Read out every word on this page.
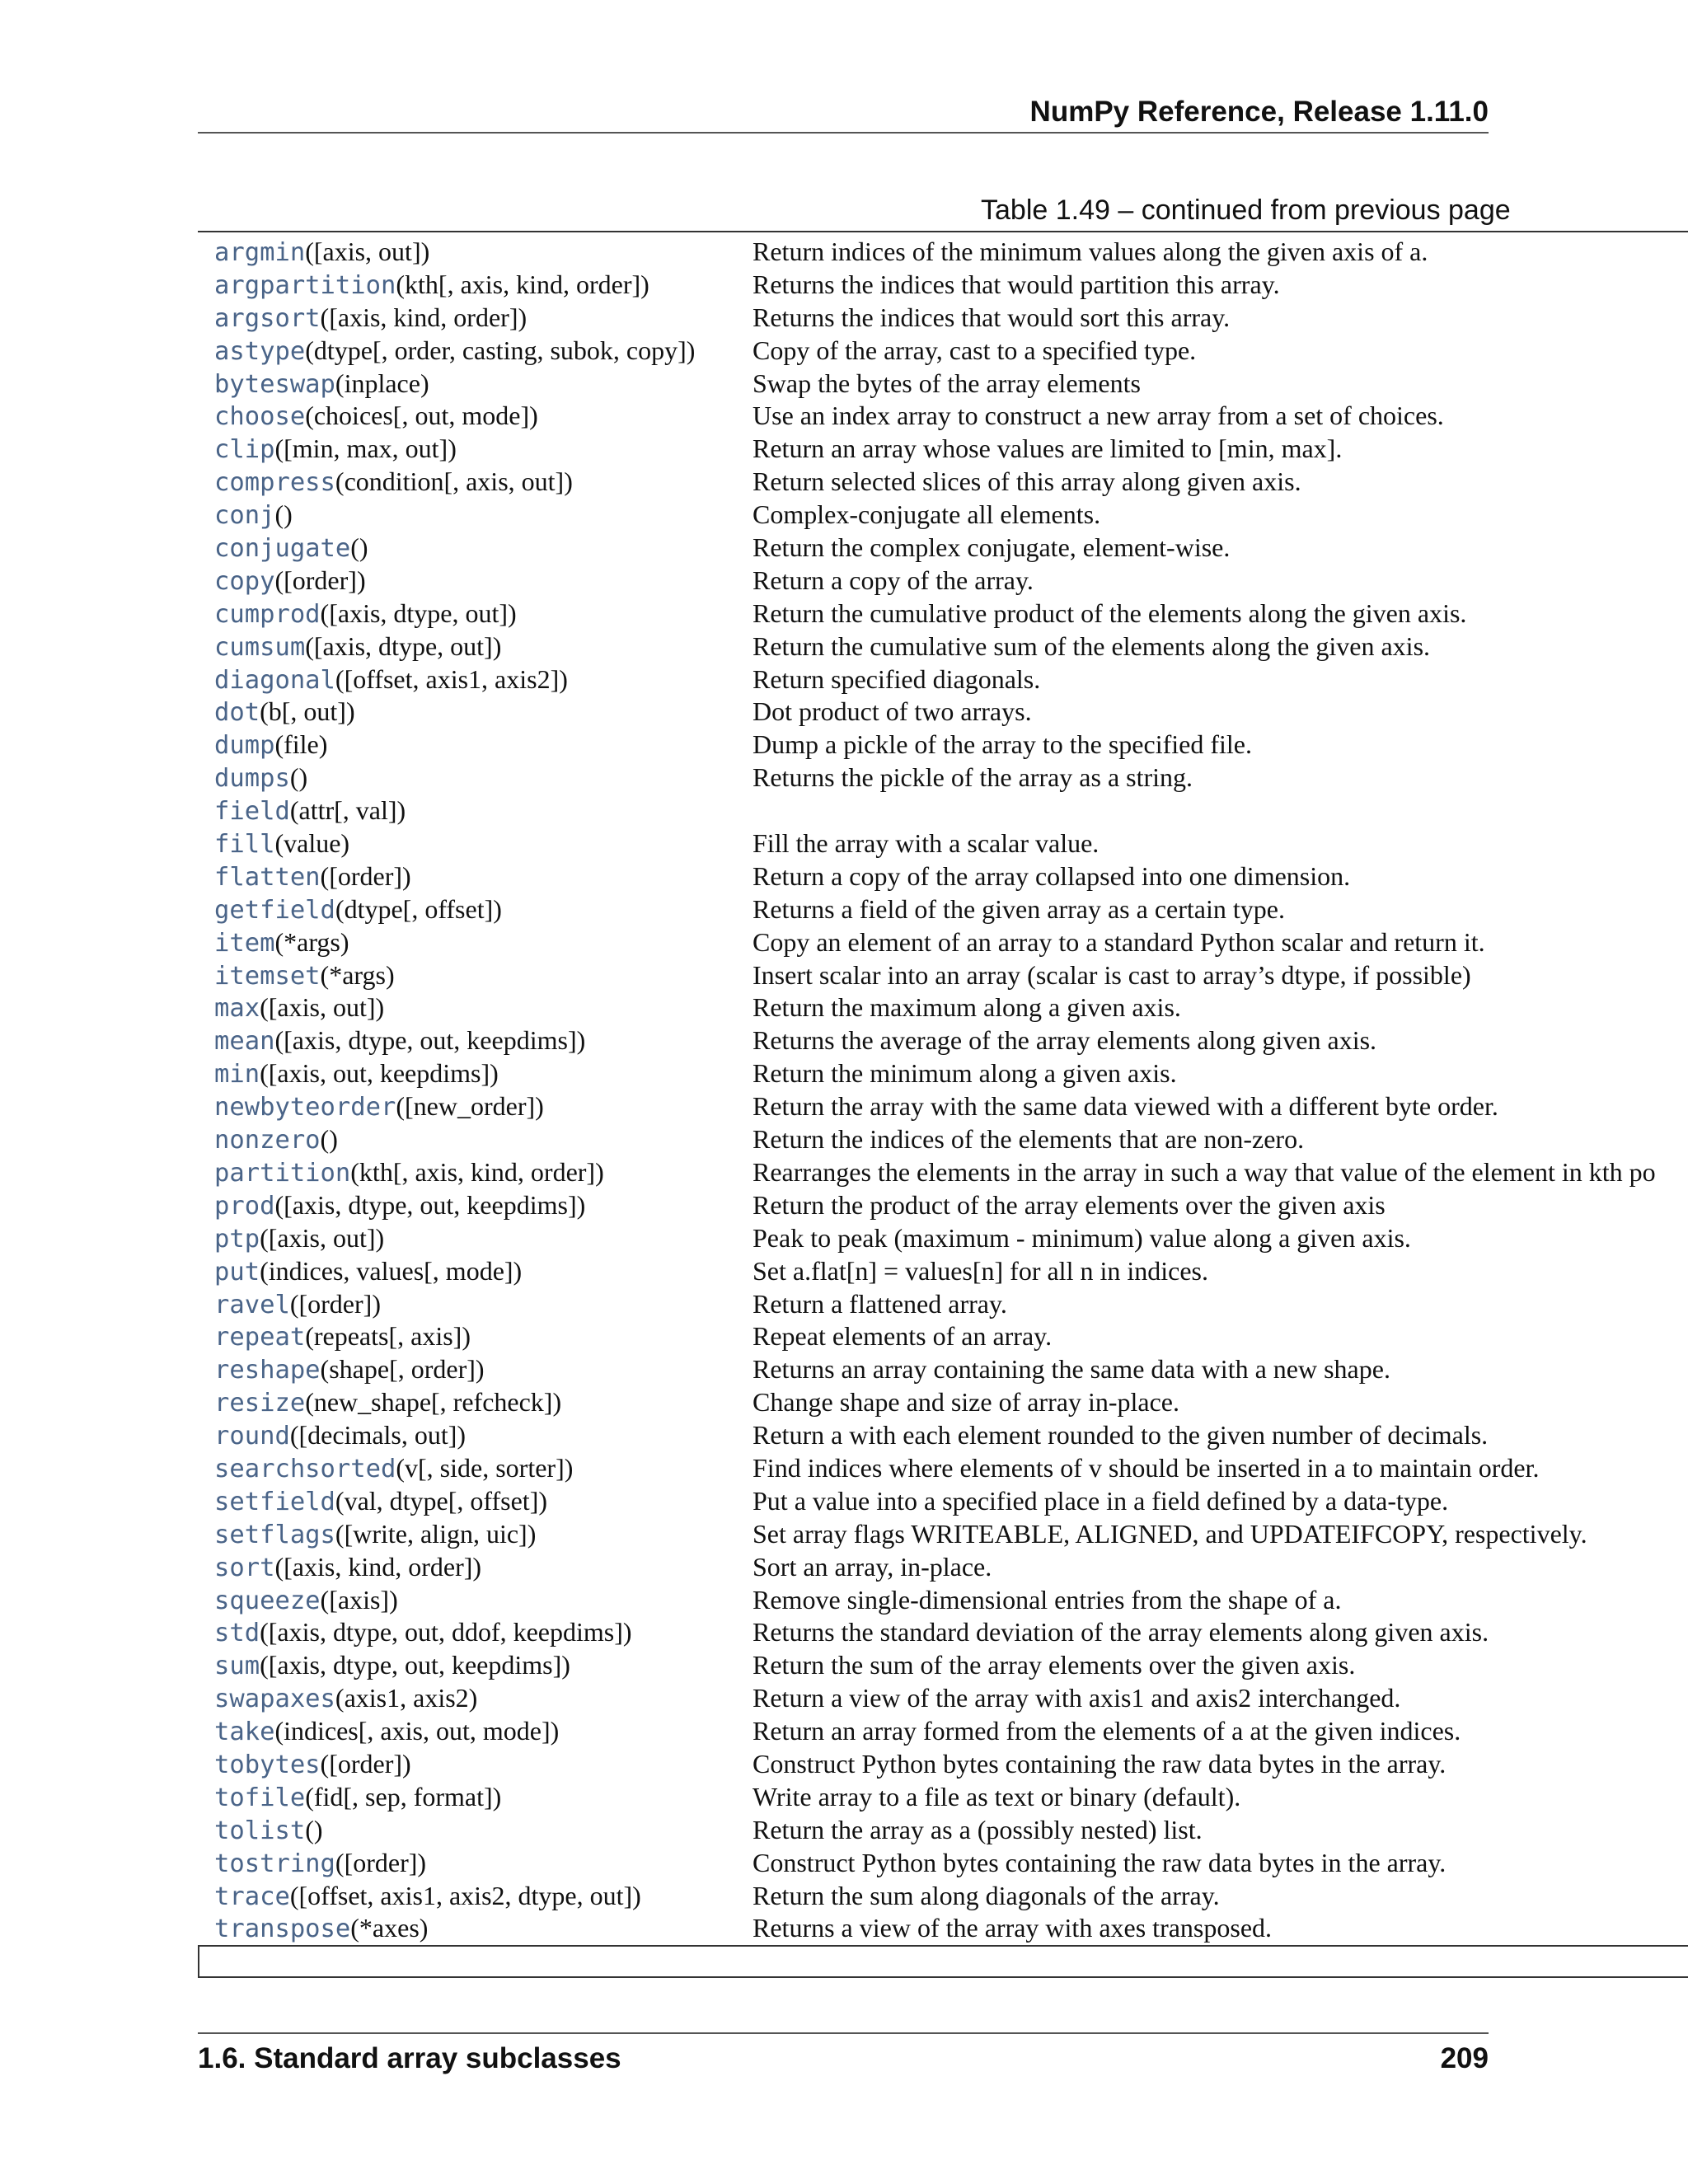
NumPy Reference, Release 1.11.0
Table 1.49 – continued from previous page
argmin([axis, out])	Return indices of the minimum values along the given axis of a.
argpartition(kth[, axis, kind, order])	Returns the indices that would partition this array.
argsort([axis, kind, order])	Returns the indices that would sort this array.
astype(dtype[, order, casting, subok, copy]) Copy of the array, cast to a specified type.
byteswap(inplace)	Swap the bytes of the array elements
choose(choices[, out, mode])	Use an index array to construct a new array from a set of choices.
clip([min, max, out])	Return an array whose values are limited to [min, max].
compress(condition[, axis, out])	Return selected slices of this array along given axis.
conj()	Complex-conjugate all elements.
conjugate()	Return the complex conjugate, element-wise.
copy([order])	Return a copy of the array.
cumprod([axis, dtype, out])	Return the cumulative product of the elements along the given axis.
cumsum([axis, dtype, out])	Return the cumulative sum of the elements along the given axis.
diagonal([offset, axis1, axis2])	Return specified diagonals.
dot(b[, out])	Dot product of two arrays.
dump(file)	Dump a pickle of the array to the specified file.
dumps()	Returns the pickle of the array as a string.
field(attr[, val])
fill(value)	Fill the array with a scalar value.
flatten([order])	Return a copy of the array collapsed into one dimension.
getfield(dtype[, offset])	Returns a field of the given array as a certain type.
item(*args)	Copy an element of an array to a standard Python scalar and return it.
itemset(*args)	Insert scalar into an array (scalar is cast to array’s dtype, if possible)
max([axis, out])	Return the maximum along a given axis.
mean([axis, dtype, out, keepdims])	Returns the average of the array elements along given axis.
min([axis, out, keepdims])	Return the minimum along a given axis.
newbyteorder([new_order])	Return the array with the same data viewed with a different byte order.
nonzero()	Return the indices of the elements that are non-zero.
partition(kth[, axis, kind, order])	Rearranges the elements in the array in such a way that value of the element in kth po
prod([axis, dtype, out, keepdims])	Return the product of the array elements over the given axis
ptp([axis, out])	Peak to peak (maximum - minimum) value along a given axis.
put(indices, values[, mode])	Set a.flat[n] = values[n] for all n in indices.
ravel([order])	Return a flattened array.
repeat(repeats[, axis])	Repeat elements of an array.
reshape(shape[, order])	Returns an array containing the same data with a new shape.
resize(new_shape[, refcheck])	Change shape and size of array in-place.
round([decimals, out])	Return a with each element rounded to the given number of decimals.
searchsorted(v[, side, sorter])	Find indices where elements of v should be inserted in a to maintain order.
setfield(val, dtype[, offset])	Put a value into a specified place in a field defined by a data-type.
setflags([write, align, uic])	Set array flags WRITEABLE, ALIGNED, and UPDATEIFCOPY, respectively.
sort([axis, kind, order])	Sort an array, in-place.
squeeze([axis])	Remove single-dimensional entries from the shape of a.
std([axis, dtype, out, ddof, keepdims])	Returns the standard deviation of the array elements along given axis.
sum([axis, dtype, out, keepdims])	Return the sum of the array elements over the given axis.
swapaxes(axis1, axis2)	Return a view of the array with axis1 and axis2 interchanged.
take(indices[, axis, out, mode])	Return an array formed from the elements of a at the given indices.
tobytes([order])	Construct Python bytes containing the raw data bytes in the array.
tofile(fid[, sep, format])	Write array to a file as text or binary (default).
tolist()	Return the array as a (possibly nested) list.
tostring([order])	Construct Python bytes containing the raw data bytes in the array.
trace([offset, axis1, axis2, dtype, out])	Return the sum along diagonals of the array.
transpose(*axes)	Returns a view of the array with axes transposed.
1.6. Standard array subclasses	209
